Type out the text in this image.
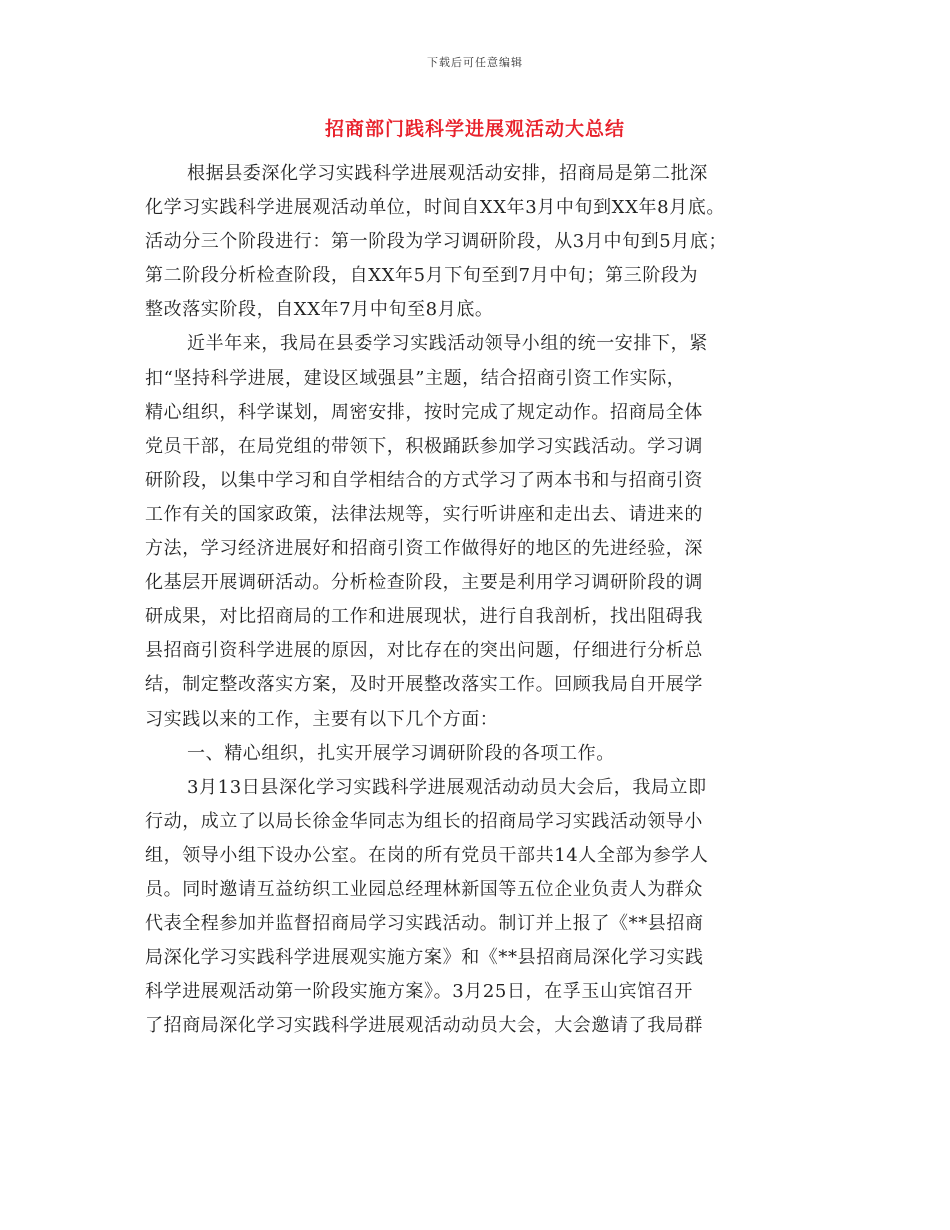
下载后可任意编辑
招商部门践科学进展观活动大总结
根据县委深化学习实践科学进展观活动安排，招商局是第二批深
化学习实践科学进展观活动单位，时间自XX年3月中旬到XX年8月底。
活动分三个阶段进行：第一阶段为学习调研阶段，从3月中旬到5月底；
第二阶段分析检查阶段，自XX年5月下旬至到7月中旬；第三阶段为
整改落实阶段，自XX年7月中旬至8月底。
近半年来，我局在县委学习实践活动领导小组的统一安排下，紧
扣“坚持科学进展，建设区域强县”主题，结合招商引资工作实际，
精心组织，科学谋划，周密安排，按时完成了规定动作。招商局全体
党员干部，在局党组的带领下，积极踊跃参加学习实践活动。学习调
研阶段，以集中学习和自学相结合的方式学习了两本书和与招商引资
工作有关的国家政策，法律法规等，实行听讲座和走出去、请进来的
方法，学习经济进展好和招商引资工作做得好的地区的先进经验，深
化基层开展调研活动。分析检查阶段，主要是利用学习调研阶段的调
研成果，对比招商局的工作和进展现状，进行自我剖析，找出阻碍我
县招商引资科学进展的原因，对比存在的突出问题，仔细进行分析总
结，制定整改落实方案，及时开展整改落实工作。回顾我局自开展学
习实践以来的工作，主要有以下几个方面：
一、精心组织，扎实开展学习调研阶段的各项工作。
3月13日县深化学习实践科学进展观活动动员大会后，我局立即
行动，成立了以局长徐金华同志为组长的招商局学习实践活动领导小
组，领导小组下设办公室。在岗的所有党员干部共14人全部为参学人
员。同时邀请互益纺织工业园总经理林新国等五位企业负责人为群众
代表全程参加并监督招商局学习实践活动。制订并上报了《**县招商
局深化学习实践科学进展观实施方案》和《**县招商局深化学习实践
科学进展观活动第一阶段实施方案》。3月25日，在孚玉山宾馆召开
了招商局深化学习实践科学进展观活动动员大会，大会邀请了我局群
